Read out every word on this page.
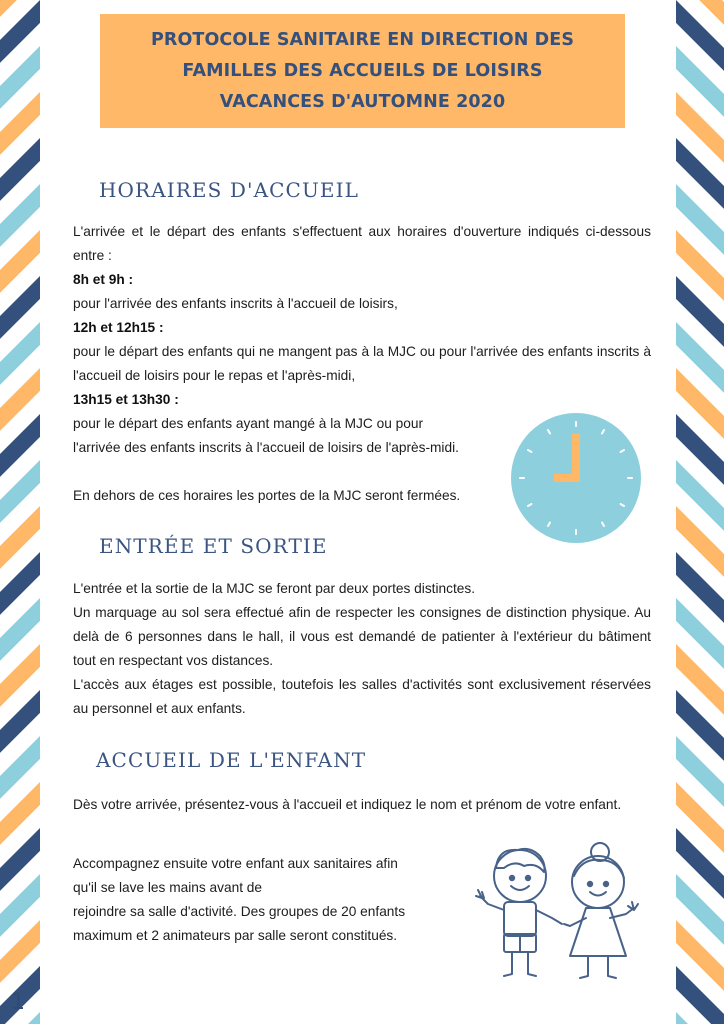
PROTOCOLE SANITAIRE EN DIRECTION DES
FAMILLES DES ACCUEILS DE LOISIRS
VACANCES D'AUTOMNE 2020
HORAIRES D'ACCUEIL

L'arrivée et le départ des enfants s'effectuent aux horaires d'ouverture indiqués ci-dessous entre :

8h et 9h :

pour l'arrivée des enfants inscrits à l'accueil de loisirs,

12h et 12h15 :

pour le départ des enfants qui ne mangent pas à la MJC ou pour l'arrivée des enfants inscrits à l'accueil de loisirs pour le repas et l'après-midi,

13h15 et 13h30 :

pour le départ des enfants ayant mangé à la MJC ou pour

l'arrivée des enfants inscrits à l'accueil de loisirs de l'après-midi.

En dehors de ces horaires les portes de la MJC seront fermées.

ENTRÉE ET SORTIE

L'entrée et la sortie de la MJC se feront par deux portes distinctes.

Un marquage au sol sera effectué afin de respecter les consignes de distinction physique. Au delà de 6 personnes dans le hall, il vous est demandé de patienter à l'extérieur du bâtiment tout en respectant vos distances.

L'accès aux étages est possible, toutefois les salles d'activités sont exclusivement réservées au personnel et aux enfants.

ACCUEIL DE L'ENFANT

Dès votre arrivée, présentez-vous à l'accueil et indiquez le nom et prénom de votre enfant.

Accompagnez ensuite votre enfant aux sanitaires afin

qu'il se lave les mains avant de

rejoindre sa salle d'activité. Des groupes de 20 enfants

maximum et 2 animateurs par salle seront constitués.

1
